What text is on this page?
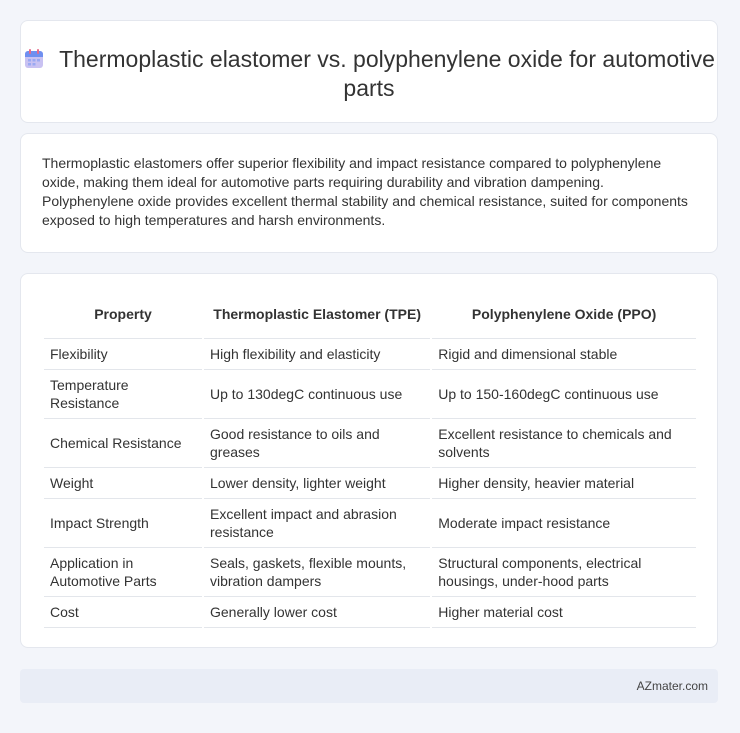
Thermoplastic elastomer vs. polyphenylene oxide for automotive parts

Thermoplastic elastomers offer superior flexibility and impact resistance compared to polyphenylene oxide, making them ideal for automotive parts requiring durability and vibration dampening. Polyphenylene oxide provides excellent thermal stability and chemical resistance, suited for components exposed to high temperatures and harsh environments.

Property	Thermoplastic Elastomer (TPE)	Polyphenylene Oxide (PPO)
Flexibility	High flexibility and elasticity	Rigid and dimensional stable
Temperature Resistance	Up to 130degC continuous use	Up to 150-160degC continuous use
Chemical Resistance	Good resistance to oils and greases	Excellent resistance to chemicals and solvents
Weight	Lower density, lighter weight	Higher density, heavier material
Impact Strength	Excellent impact and abrasion resistance	Moderate impact resistance
Application in Automotive Parts	Seals, gaskets, flexible mounts, vibration dampers	Structural components, electrical housings, under-hood parts
Cost	Generally lower cost	Higher material cost
AZmater.com
